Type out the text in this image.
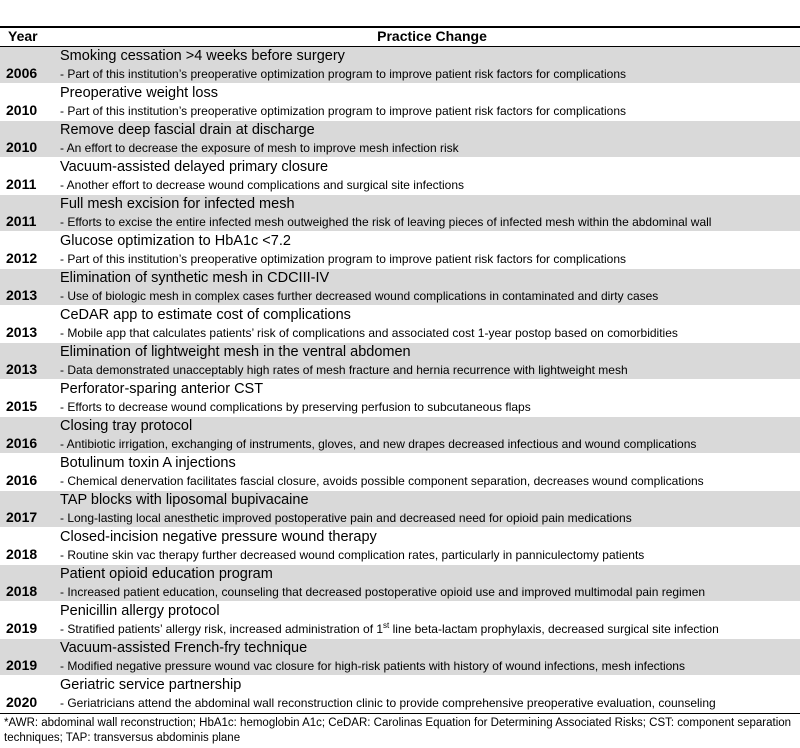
Year	Practice Change
2006
Smoking cessation >4 weeks before surgery
- Part of this institution’s preoperative optimization program to improve patient risk factors for complications
2010
Preoperative weight loss
- Part of this institution’s preoperative optimization program to improve patient risk factors for complications
2010
Remove deep fascial drain at discharge
- An effort to decrease the exposure of mesh to improve mesh infection risk
2011
Vacuum-assisted delayed primary closure
- Another effort to decrease wound complications and surgical site infections
2011
Full mesh excision for infected mesh
- Efforts to excise the entire infected mesh outweighed the risk of leaving pieces of infected mesh within the abdominal wall
2012
Glucose optimization to HbA1c <7.2
- Part of this institution’s preoperative optimization program to improve patient risk factors for complications
2013
Elimination of synthetic mesh in CDCIII-IV
- Use of biologic mesh in complex cases further decreased wound complications in contaminated and dirty cases
2013
CeDAR app to estimate cost of complications
- Mobile app that calculates patients’ risk of complications and associated cost 1-year postop based on comorbidities
2013
Elimination of lightweight mesh in the ventral abdomen
- Data demonstrated unacceptably high rates of mesh fracture and hernia recurrence with lightweight mesh
2015
Perforator-sparing anterior CST
- Efforts to decrease wound complications by preserving perfusion to subcutaneous flaps
2016
Closing tray protocol
- Antibiotic irrigation, exchanging of instruments, gloves, and new drapes decreased infectious and wound complications
2016
Botulinum toxin A injections
- Chemical denervation facilitates fascial closure, avoids possible component separation, decreases wound complications
2017
TAP blocks with liposomal bupivacaine
- Long-lasting local anesthetic improved postoperative pain and decreased need for opioid pain medications
2018
Closed-incision negative pressure wound therapy
- Routine skin vac therapy further decreased wound complication rates, particularly in panniculectomy patients
2018
Patient opioid education program
- Increased patient education, counseling that decreased postoperative opioid use and improved multimodal pain regimen
2019
Penicillin allergy protocol
- Stratified patients’ allergy risk, increased administration of 1st line beta-lactam prophylaxis, decreased surgical site infection
2019
Vacuum-assisted French-fry technique
- Modified negative pressure wound vac closure for high-risk patients with history of wound infections, mesh infections
2020
Geriatric service partnership
- Geriatricians attend the abdominal wall reconstruction clinic to provide comprehensive preoperative evaluation, counseling
*AWR: abdominal wall reconstruction; HbA1c: hemoglobin A1c; CeDAR: Carolinas Equation for Determining Associated Risks; CST: component separation techniques; TAP: transversus abdominis plane
